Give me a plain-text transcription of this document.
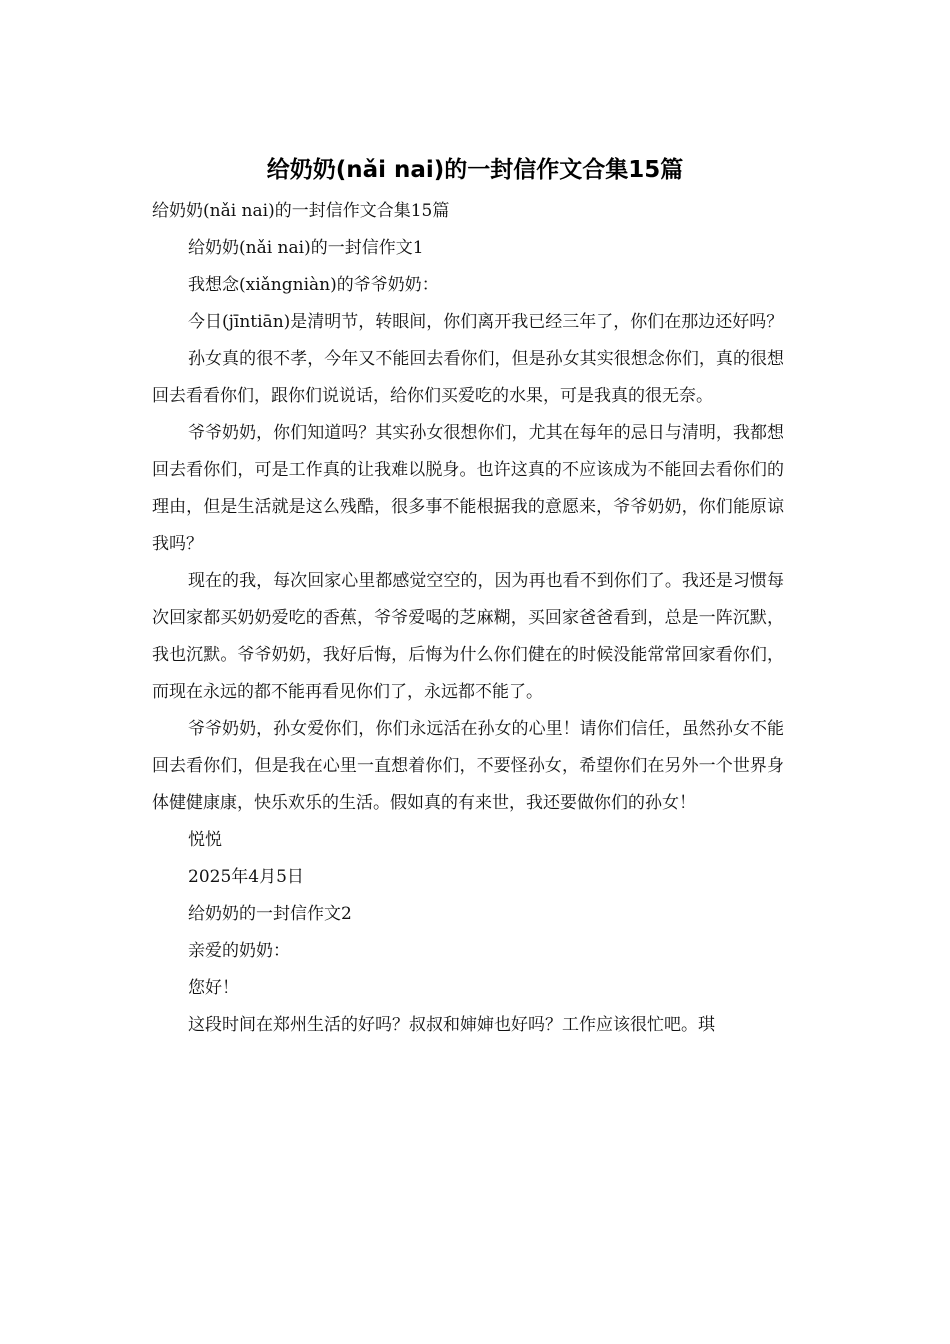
给奶奶(nǎi nai)的一封信作文合集15篇

给奶奶(nǎi nai)的一封信作文合集15篇

给奶奶(nǎi nai)的一封信作文1

我想念(xiǎngniàn)的爷爷奶奶：

今日(jīntiān)是清明节，转眼间，你们离开我已经三年了，你们在那边还好吗？

孙女真的很不孝，今年又不能回去看你们，但是孙女其实很想念你们，真的很想回去看看你们，跟你们说说话，给你们买爱吃的水果，可是我真的很无奈。

爷爷奶奶，你们知道吗？其实孙女很想你们，尤其在每年的忌日与清明，我都想回去看你们，可是工作真的让我难以脱身。也许这真的不应该成为不能回去看你们的理由，但是生活就是这么残酷，很多事不能根据我的意愿来，爷爷奶奶，你们能原谅我吗？

现在的我，每次回家心里都感觉空空的，因为再也看不到你们了。我还是习惯每次回家都买奶奶爱吃的香蕉，爷爷爱喝的芝麻糊，买回家爸爸看到，总是一阵沉默，我也沉默。爷爷奶奶，我好后悔，后悔为什么你们健在的时候没能常常回家看你们，而现在永远的都不能再看见你们了，永远都不能了。

爷爷奶奶，孙女爱你们，你们永远活在孙女的心里！请你们信任，虽然孙女不能回去看你们，但是我在心里一直想着你们，不要怪孙女，希望你们在另外一个世界身体健健康康，快乐欢乐的生活。假如真的有来世，我还要做你们的孙女！

悦悦

2025年4月5日

给奶奶的一封信作文2

亲爱的奶奶：

您好！

这段时间在郑州生活的好吗？叔叔和婶婶也好吗？工作应该很忙吧。琪
